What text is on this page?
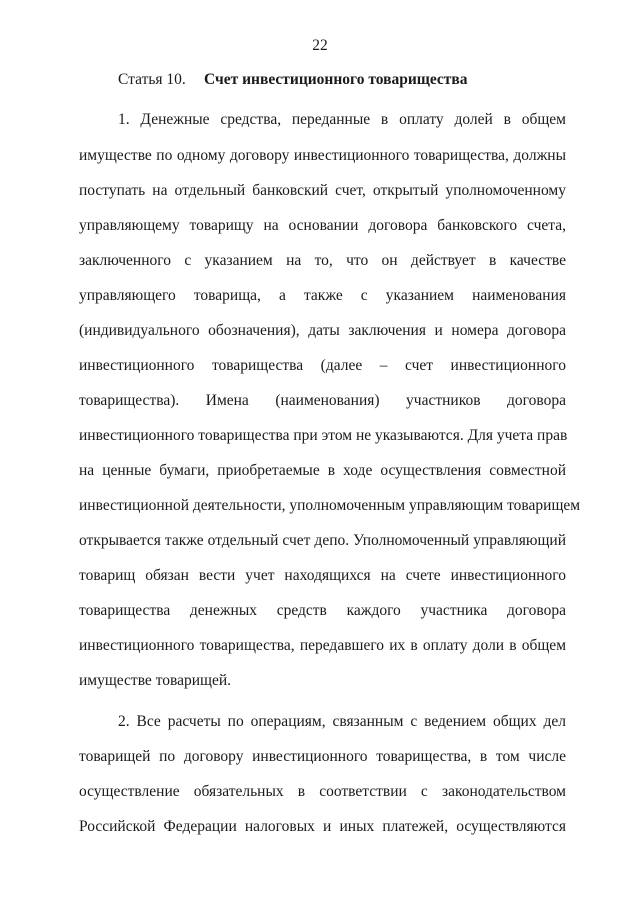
22
Статья 10. Счет инвестиционного товарищества
1. Денежные средства, переданные в оплату долей в общем
имуществе по одному договору инвестиционного товарищества, должны
поступать на отдельный банковский счет, открытый уполномоченному
управляющему товарищу на основании договора банковского счета,
заключенного с указанием на то, что он действует в качестве
управляющего товарища, а также с указанием наименования
(индивидуального обозначения), даты заключения и номера договора
инвестиционного товарищества (далее – счет инвестиционного
товарищества). Имена (наименования) участников договора
инвестиционного товарищества при этом не указываются. Для учета прав
на ценные бумаги, приобретаемые в ходе осуществления совместной
инвестиционной деятельности, уполномоченным управляющим товарищем
открывается также отдельный счет депо. Уполномоченный управляющий
товарищ обязан вести учет находящихся на счете инвестиционного
товарищества денежных средств каждого участника договора
инвестиционного товарищества, передавшего их в оплату доли в общем
имуществе товарищей.
2. Все расчеты по операциям, связанным с ведением общих дел
товарищей по договору инвестиционного товарищества, в том числе
осуществление обязательных в соответствии с законодательством
Российской Федерации налоговых и иных платежей, осуществляются
